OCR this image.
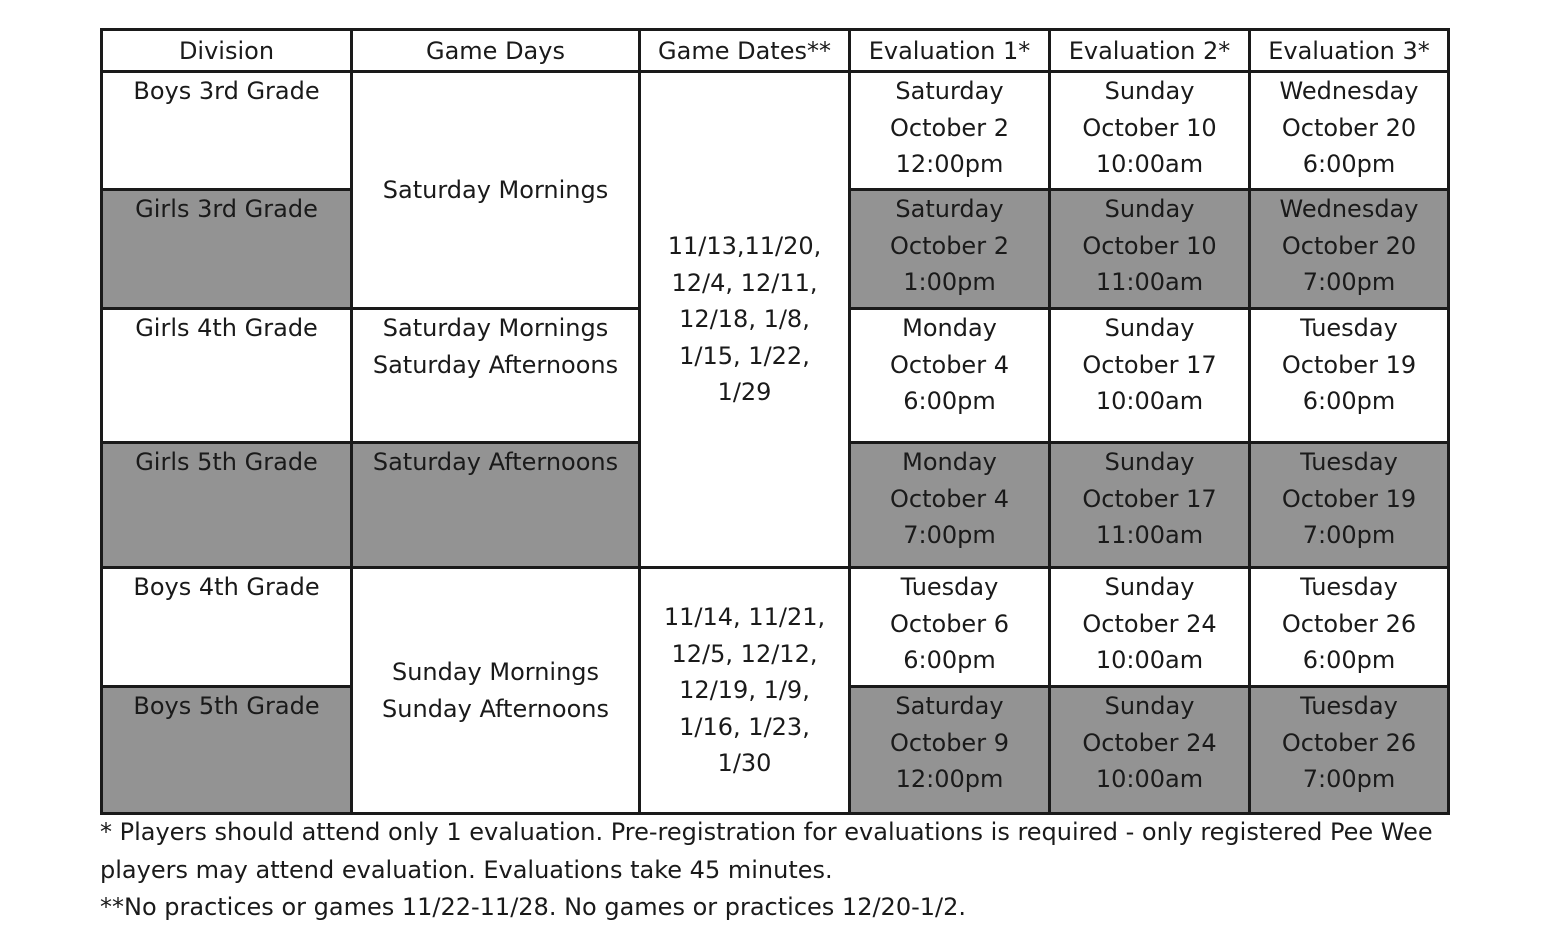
Division	Game Days	Game Dates**	Evaluation 1*	Evaluation 2*	Evaluation 3*
Boys 3rd Grade	Saturday Mornings	11/13,11/20,
12/4, 12/11,
12/18, 1/8,
1/15, 1/22,
1/29	Saturday
October 2
12:00pm	Sunday
October 10
10:00am	Wednesday
October 20
6:00pm
Girls 3rd Grade			Saturday
October 2
1:00pm	Sunday
October 10
11:00am	Wednesday
October 20
7:00pm
Girls 4th Grade	Saturday Mornings
Saturday Afternoons		Monday
October 4
6:00pm	Sunday
October 17
10:00am	Tuesday
October 19
6:00pm
Girls 5th Grade	Saturday Afternoons		Monday
October 4
7:00pm	Sunday
October 17
11:00am	Tuesday
October 19
7:00pm
Boys 4th Grade	Sunday Mornings
Sunday Afternoons	11/14, 11/21,
12/5, 12/12,
12/19, 1/9,
1/16, 1/23,
1/30	Tuesday
October 6
6:00pm	Sunday
October 24
10:00am	Tuesday
October 26
6:00pm
Boys 5th Grade			Saturday
October 9
12:00pm	Sunday
October 24
10:00am	Tuesday
October 26
7:00pm

* Players should attend only 1 evaluation. Pre-registration for evaluations is required - only registered Pee Wee players may attend evaluation. Evaluations take 45 minutes.

**No practices or games 11/22-11/28. No games or practices 12/20-1/2.
